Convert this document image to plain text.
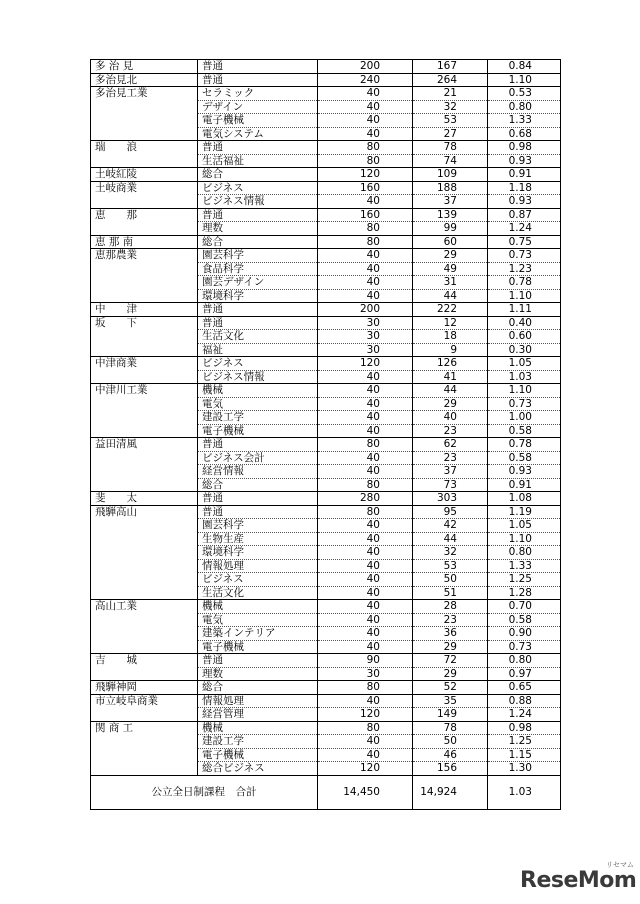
多 治 見	普通	200	167	0.84
多治見北	普通	240	264	1.10
多治見工業	セラミック	40	21	0.53
	デザイン	40	32	0.80
	電子機械	40	53	1.33
	電気システム	40	27	0.68
瑞　　浪	普通	80	78	0.98
	生活福祉	80	74	0.93
土岐紅陵	総合	120	109	0.91
土岐商業	ビジネス	160	188	1.18
	ビジネス情報	40	37	0.93
恵　　那	普通	160	139	0.87
	理数	80	99	1.24
恵 那 南	総合	80	60	0.75
恵那農業	園芸科学	40	29	0.73
	食品科学	40	49	1.23
	園芸デザイン	40	31	0.78
	環境科学	40	44	1.10
中　　津	普通	200	222	1.11
坂　　下	普通	30	12	0.40
	生活文化	30	18	0.60
	福祉	30	9	0.30
中津商業	ビジネス	120	126	1.05
	ビジネス情報	40	41	1.03
中津川工業	機械	40	44	1.10
	電気	40	29	0.73
	建設工学	40	40	1.00
	電子機械	40	23	0.58
益田清風	普通	80	62	0.78
	ビジネス会計	40	23	0.58
	経営情報	40	37	0.93
	総合	80	73	0.91
斐　　太	普通	280	303	1.08
飛騨高山	普通	80	95	1.19
	園芸科学	40	42	1.05
	生物生産	40	44	1.10
	環境科学	40	32	0.80
	情報処理	40	53	1.33
	ビジネス	40	50	1.25
	生活文化	40	51	1.28
高山工業	機械	40	28	0.70
	電気	40	23	0.58
	建築インテリア	40	36	0.90
	電子機械	40	29	0.73
吉　　城	普通	90	72	0.80
	理数	30	29	0.97
飛騨神岡	総合	80	52	0.65
市立岐阜商業	情報処理	40	35	0.88
	経営管理	120	149	1.24
関 商 工	機械	80	78	0.98
	建設工学	40	50	1.25
	電子機械	40	46	1.15
	総合ビジネス	120	156	1.30
公立全日制課程　合計		14,450	14,924	1.03
ReseMom
リセマム
